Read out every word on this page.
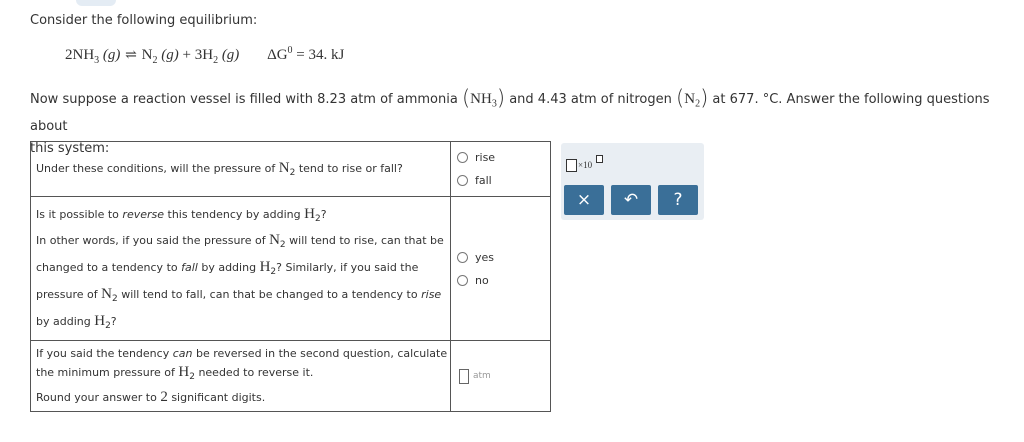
Consider the following equilibrium:
$2NH_3$ (g) ⇌ $N_2$ $(g) + 3H_2$ (g) $\Delta G^0 = 34$. kJ
Now suppose a reaction vessel is filled with 8.23 atm of ammonia $(NH_3)$ and 4.43 atm of nitrogen $(N_2)$ at 677. °C. Answer the following questions about
this system:

Under these conditions, will the pressure of $N_2$ tend to rise or fall?

rise
fall

Is it possible to reverse this tendency by adding $H_2$?

In other words, if you said the pressure of $N_2$ will tend to rise, can that be

changed to a tendency to fall by adding $H_2$? Similarly, if you said the

pressure of $N_2$ will tend to fall, can that be changed to a tendency to rise

by adding $H_2$?

yes
no

If you said the tendency can be reversed in the second question, calculate

the minimum pressure of $H_2$ needed to reverse it.

Round your answer to 2 significant digits.

atm
×10
×	↶	?
